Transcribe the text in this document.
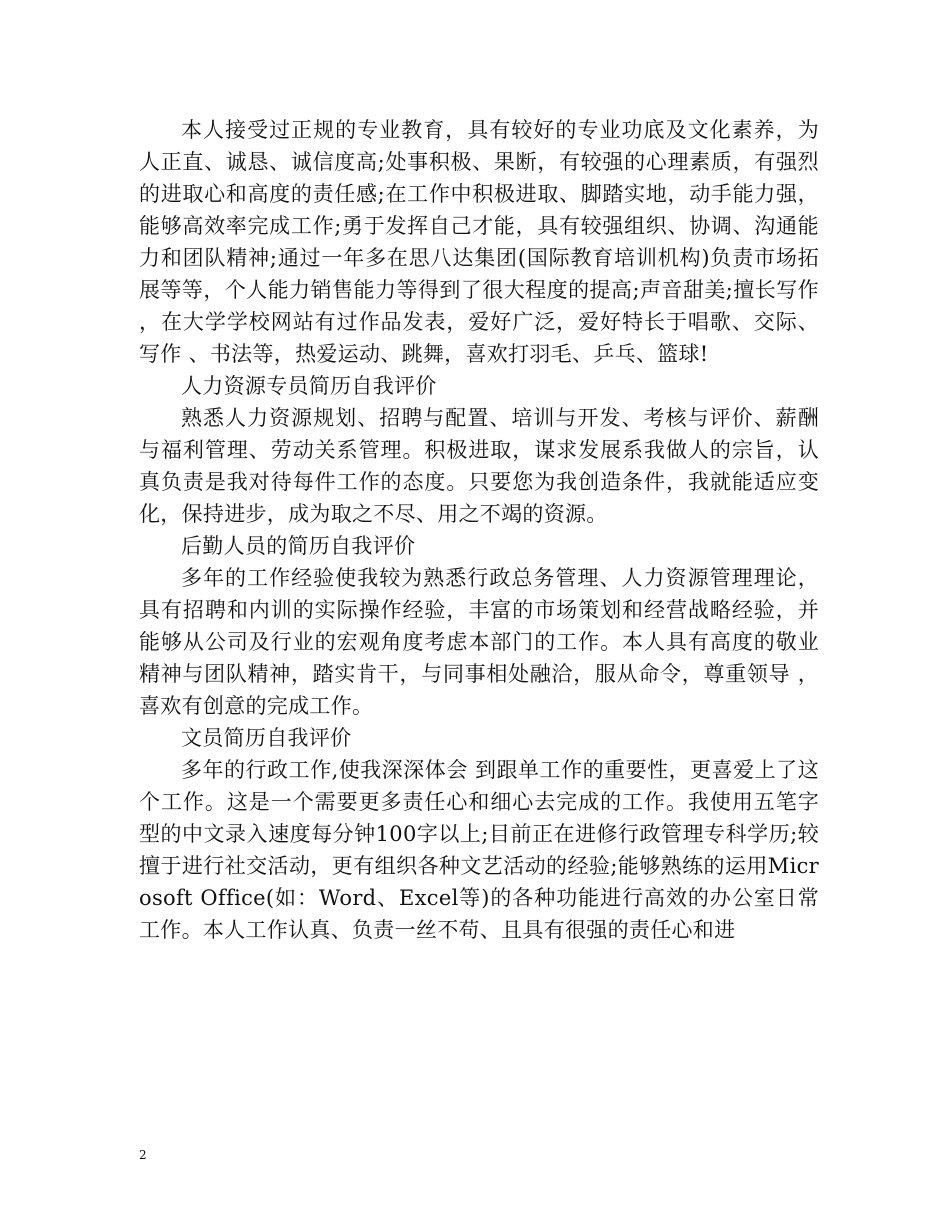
本人接受过正规的专业教育，具有较好的专业功底及文化素养，为人正直、诚恳、诚信度高;处事积极、果断，有较强的心理素质，有强烈的进取心和高度的责任感;在工作中积极进取、脚踏实地，动手能力强，能够高效率完成工作;勇于发挥自己才能，具有较强组织、协调、沟通能力和团队精神;通过一年多在思八达集团(国际教育培训机构)负责市场拓展等等，个人能力销售能力等得到了很大程度的提高;声音甜美;擅长写作 ，在大学学校网站有过作品发表，爱好广泛，爱好特长于唱歌、交际、写作 、书法等，热爱运动、跳舞，喜欢打羽毛、乒乓、篮球!

人力资源专员简历自我评价

熟悉人力资源规划、招聘与配置、培训与开发、考核与评价、薪酬与福利管理、劳动关系管理。积极进取，谋求发展系我做人的宗旨，认真负责是我对待每件工作的态度。只要您为我创造条件，我就能适应变化，保持进步，成为取之不尽、用之不竭的资源。

后勤人员的简历自我评价

多年的工作经验使我较为熟悉行政总务管理、人力资源管理理论，具有招聘和内训的实际操作经验，丰富的市场策划和经营战略经验，并能够从公司及行业的宏观角度考虑本部门的工作。本人具有高度的敬业精神与团队精神，踏实肯干，与同事相处融洽，服从命令，尊重领导 ，喜欢有创意的完成工作。

文员简历自我评价

多年的行政工作,使我深深体会 到跟单工作的重要性，更喜爱上了这个工作。这是一个需要更多责任心和细心去完成的工作。我使用五笔字型的中文录入速度每分钟100字以上;目前正在进修行政管理专科学历;较擅于进行社交活动，更有组织各种文艺活动的经验;能够熟练的运用Microsoft Office(如：Word、Excel等)的各种功能进行高效的办公室日常工作。本人工作认真、负责一丝不苟、且具有很强的责任心和进

2
